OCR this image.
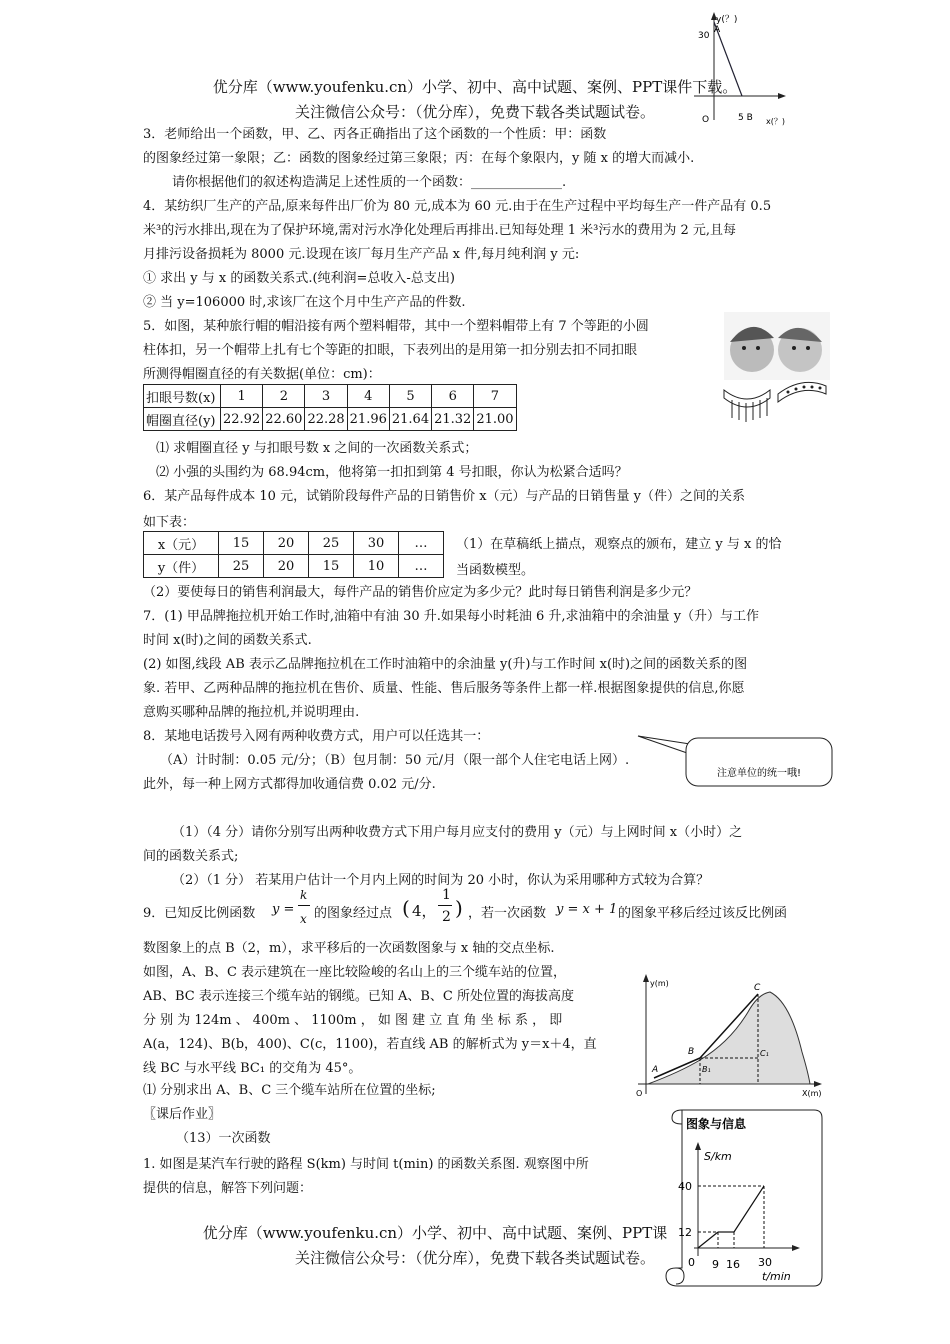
优分库（www.youfenku.cn）小学、初中、高中试题、案例、PPT课件下载。
关注微信公众号：（优分库），免费下载各类试题试卷。
y(？)
30
A
O	5 B x(？)
3．老师给出一个函数，甲、乙、丙各正确指出了这个函数的一个性质：甲：函数
的图象经过第一象限；乙：函数的图象经过第三象限；丙：在每个象限内，y 随 x 的增大而减小.
请你根据他们的叙述构造满足上述性质的一个函数：______________.
4．某纺织厂生产的产品,原来每件出厂价为 80 元,成本为 60 元.由于在生产过程中平均每生产一件产品有 0.5
米³的污水排出,现在为了保护环境,需对污水净化处理后再排出.已知每处理 1 米³污水的费用为 2 元,且每
月排污设备损耗为 8000 元.设现在该厂每月生产产品 x 件,每月纯利润 y 元:
① 求出 y 与 x 的函数关系式.(纯利润=总收入-总支出)
② 当 y=106000 时,求该厂在这个月中生产产品的件数.
5．如图，某种旅行帽的帽沿接有两个塑料帽带，其中一个塑料帽带上有 7 个等距的小圆
柱体扣，另一个帽带上扎有七个等距的扣眼，下表列出的是用第一扣分别去扣不同扣眼
所测得帽圈直径的有关数据(单位：cm)：
扣眼号数(x)	1	2	3	4	5	6	7
帽圈直径(y)	22.92	22.60	22.28	21.96	21.64	21.32	21.00
⑴ 求帽圈直径 y 与扣眼号数 x 之间的一次函数关系式；
⑵ 小强的头围约为 68.94cm，他将第一扣扣到第 4 号扣眼，你认为松紧合适吗？
6．某产品每件成本 10 元，试销阶段每件产品的日销售价 x（元）与产品的日销售量 y（件）之间的关系
如下表：
x（元）	15	20	25	30	…
y（件）	25	20	15	10	…
（1）在草稿纸上描点，观察点的颁布，建立 y 与 x 的恰
当函数模型。
（2）要使每日的销售利润最大，每件产品的销售价应定为多少元？此时每日销售利润是多少元？
7．(1) 甲品牌拖拉机开始工作时,油箱中有油 30 升.如果每小时耗油 6 升,求油箱中的余油量 y（升）与工作
时间 x(时)之间的函数关系式.
(2) 如图,线段 AB 表示乙品牌拖拉机在工作时油箱中的余油量 y(升)与工作时间 x(时)之间的函数关系的图
象. 若甲、乙两种品牌的拖拉机在售价、质量、性能、售后服务等条件上都一样.根据图象提供的信息,你愿
意购买哪种品牌的拖拉机,并说明理由.
8．某地电话拨号入网有两种收费方式，用户可以任选其一：
（A）计时制：0.05 元/分；（B）包月制：50 元/月（限一部个人住宅电话上网）.
此外，每一种上网方式都得加收通信费 0.02 元/分.
注意单位的统一哦!
（1）（4 分）请你分别写出两种收费方式下用户每月应支付的费用 y（元）与上网时间 x（小时）之
间的函数关系式;
（2）（1 分） 若某用户估计一个月内上网的时间为 20 小时，你认为采用哪种方式较为合算？
9．已知反比例函数 y =
k
x 的图象经过点 ( 4，
1
2 ) ，若一次函数 y = x + 1 的图象平移后经过该反比例函
数图象上的点 B（2，m），求平移后的一次函数图象与 x 轴的交点坐标.
如图，A、B、C 表示建筑在一座比较险峻的名山上的三个缆车站的位置，
AB、BC 表示连接三个缆车站的钢缆。已知 A、B、C 所处位置的海拔高度
分 别 为 124m 、 400m 、 1100m ， 如 图 建 立 直 角 坐 标 系 ， 即
A(a，124)、B(b，400)、C(c，1100)，若直线 AB 的解析式为 y＝x＋4，直
线 BC 与水平线 BC₁ 的交角为 45°。
⑴ 分别求出 A、B、C 三个缆车站所在位置的坐标;
y(m)
X(m)
O
A
B
B₁
C
C₁
〖课后作业〗
（13）一次函数
1. 如图是某汽车行驶的路程 S(km) 与时间 t(min) 的函数关系图. 观察图中所
提供的信息，解答下列问题：
图象与信息
S/km
40
12
0 9 16 30
t/min
优分库（www.youfenku.cn）小学、初中、高中试题、案例、PPT课
关注微信公众号：（优分库），免费下载各类试题试卷。
